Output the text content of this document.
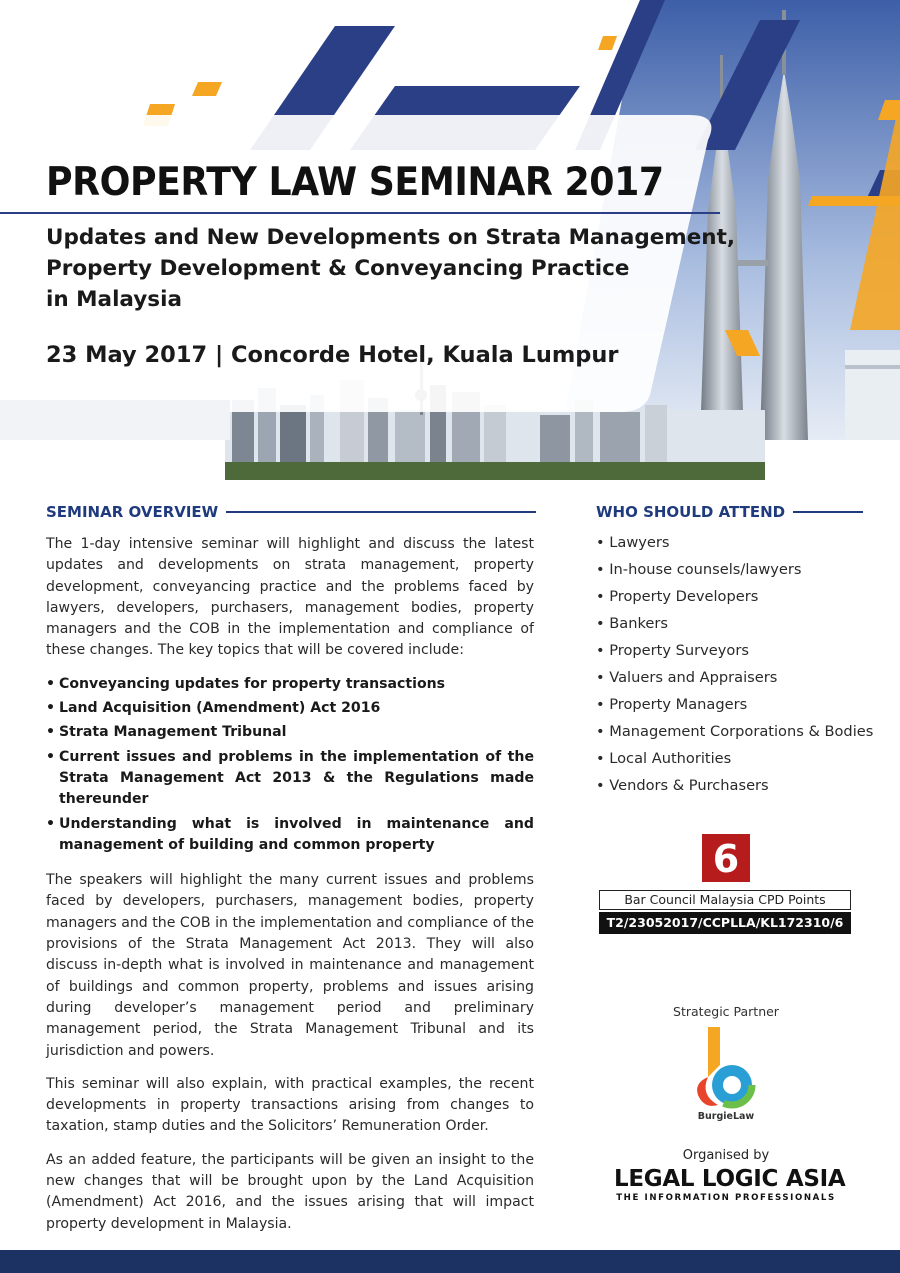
PROPERTY LAW SEMINAR 2017
Updates and New Developments on Strata Management,
Property Development & Conveyancing Practice
in Malaysia
23 May 2017 | Concorde Hotel, Kuala Lumpur
SEMINAR OVERVIEW

The 1-day intensive seminar will highlight and discuss the latest updates and developments on strata management, property development, conveyancing practice and the problems faced by lawyers, developers, purchasers, management bodies, property managers and the COB in the implementation and compliance of these changes. The key topics that will be covered include:

• Conveyancing updates for property transactions
• Land Acquisition (Amendment) Act 2016
• Strata Management Tribunal
• Current issues and problems in the implementation of the Strata Management Act 2013 & the Regulations made thereunder
• Understanding what is involved in maintenance and management of building and common property

The speakers will highlight the many current issues and problems faced by developers, purchasers, management bodies, property managers and the COB in the implementation and compliance of the provisions of the Strata Management Act 2013. They will also discuss in-depth what is involved in maintenance and management of buildings and common property, problems and issues arising during developer’s management period and preliminary management period, the Strata Management Tribunal and its jurisdiction and powers.

This seminar will also explain, with practical examples, the recent developments in property transactions arising from changes to taxation, stamp duties and the Solicitors’ Remuneration Order.

As an added feature, the participants will be given an insight to the new changes that will be brought upon by the Land Acquisition (Amendment) Act 2016, and the issues arising that will impact property development in Malaysia.

WHO SHOULD ATTEND
• Lawyers
• In-house counsels/lawyers
• Property Developers
• Bankers
• Property Surveyors
• Valuers and Appraisers
• Property Managers
• Management Corporations & Bodies
• Local Authorities
• Vendors & Purchasers
6
Bar Council Malaysia CPD Points
T2/23052017/CCPLLA/KL172310/6
Strategic Partner
BurgieLaw
Organised by
LEGAL LOGIC ASIA
THE INFORMATION PROFESSIONALS
